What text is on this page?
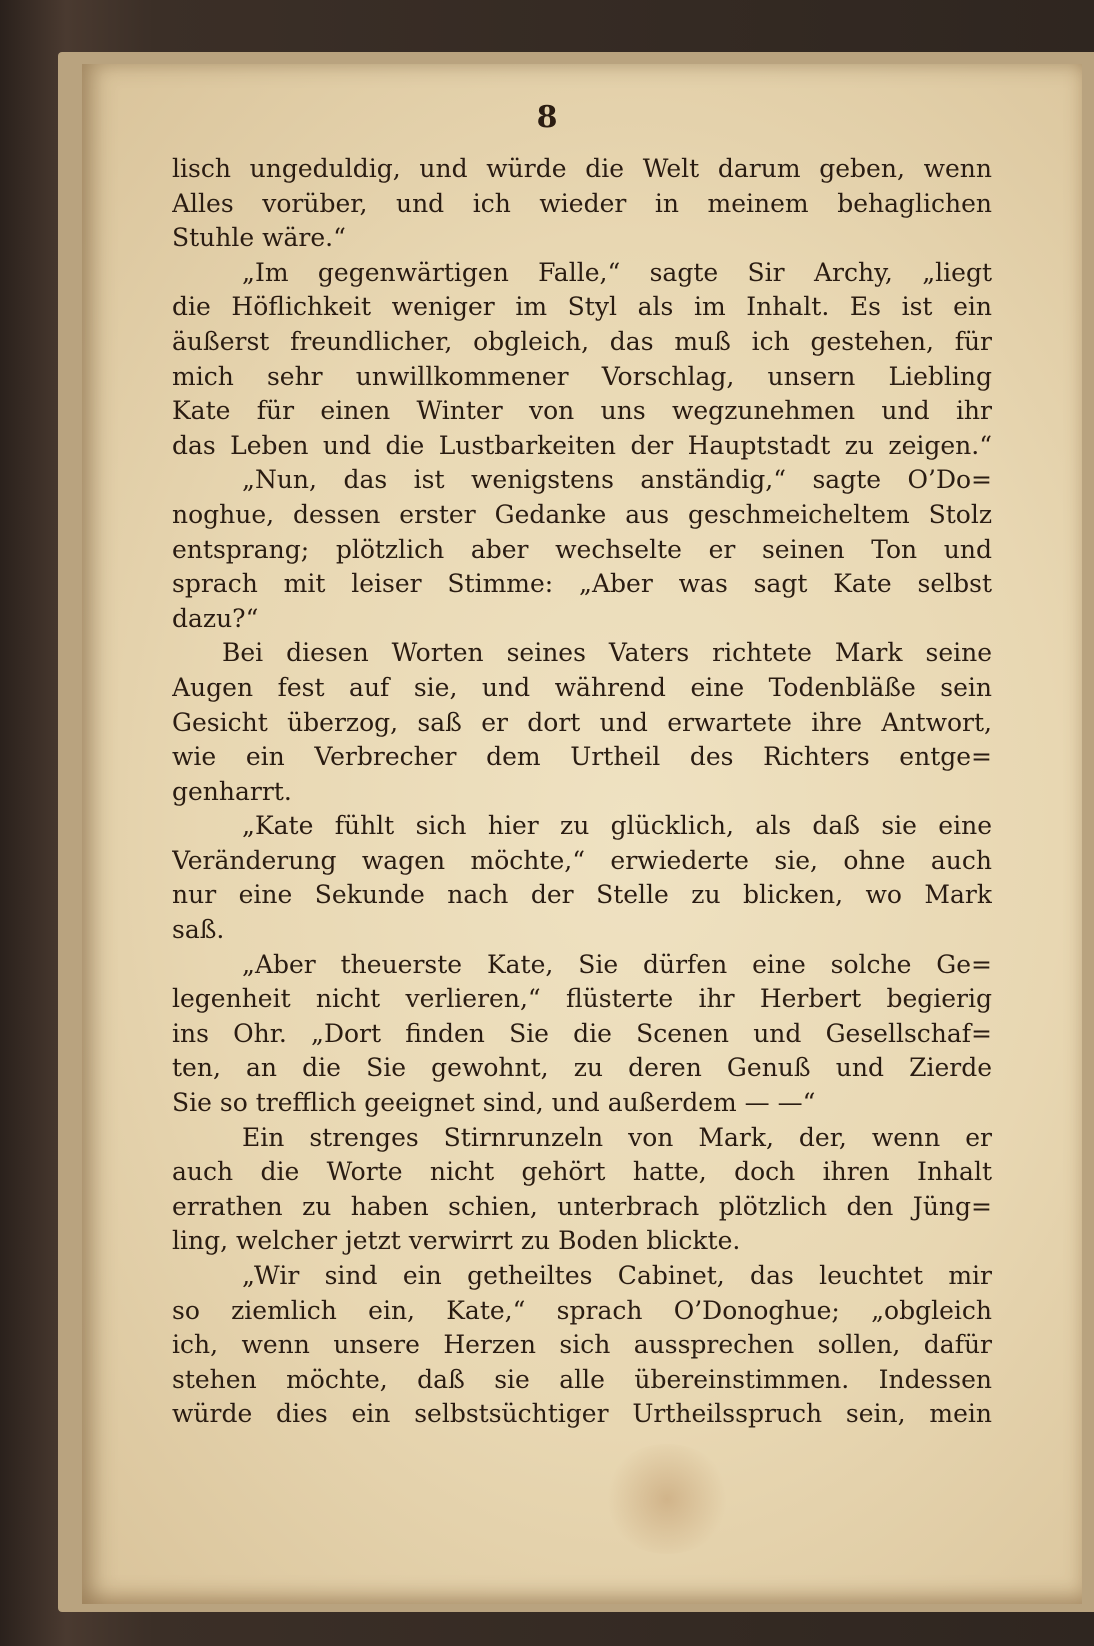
8
lisch ungeduldig, und würde die Welt darum geben, wenn
Alles vorüber, und ich wieder in meinem behaglichen
Stuhle wäre.“
„Im gegenwärtigen Falle,“ sagte Sir Archy, „liegt
die Höflichkeit weniger im Styl als im Inhalt. Es ist ein
äußerst freundlicher, obgleich, das muß ich gestehen, für
mich sehr unwillkommener Vorschlag, unsern Liebling
Kate für einen Winter von uns wegzunehmen und ihr
das Leben und die Lustbarkeiten der Hauptstadt zu zeigen.“
„Nun, das ist wenigstens anständig,“ sagte O’Do=
noghue, dessen erster Gedanke aus geschmeicheltem Stolz
entsprang; plötzlich aber wechselte er seinen Ton und
sprach mit leiser Stimme: „Aber was sagt Kate selbst
dazu?“
Bei diesen Worten seines Vaters richtete Mark seine
Augen fest auf sie, und während eine Todenbläße sein
Gesicht überzog, saß er dort und erwartete ihre Antwort,
wie ein Verbrecher dem Urtheil des Richters entge=
genharrt.
„Kate fühlt sich hier zu glücklich, als daß sie eine
Veränderung wagen möchte,“ erwiederte sie, ohne auch
nur eine Sekunde nach der Stelle zu blicken, wo Mark
saß.
„Aber theuerste Kate, Sie dürfen eine solche Ge=
legenheit nicht verlieren,“ flüsterte ihr Herbert begierig
ins Ohr. „Dort finden Sie die Scenen und Gesellschaf=
ten, an die Sie gewohnt, zu deren Genuß und Zierde
Sie so trefflich geeignet sind, und außerdem — —“
Ein strenges Stirnrunzeln von Mark, der, wenn er
auch die Worte nicht gehört hatte, doch ihren Inhalt
errathen zu haben schien, unterbrach plötzlich den Jüng=
ling, welcher jetzt verwirrt zu Boden blickte.
„Wir sind ein getheiltes Cabinet, das leuchtet mir
so ziemlich ein, Kate,“ sprach O’Donoghue; „obgleich
ich, wenn unsere Herzen sich aussprechen sollen, dafür
stehen möchte, daß sie alle übereinstimmen. Indessen
würde dies ein selbstsüchtiger Urtheilsspruch sein, mein
